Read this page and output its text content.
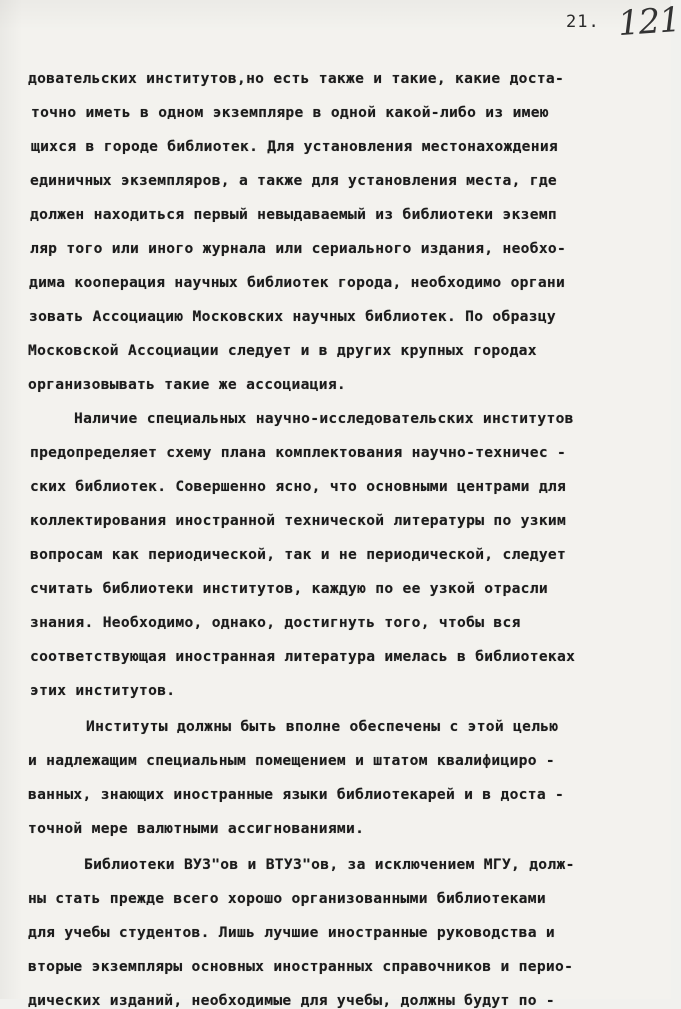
21. 121
довательских институтов,но есть также и такие, какие доста-
точно иметь в одном экземпляре в одной какой-либо из имею
щихся в городе библиотек. Для установления местонахождения
единичных экземпляров, а также для установления места, где
должен находиться первый невыдаваемый из библиотеки экземп
ляр того или иного журнала или сериального издания, необхо-
дима кооперация научных библиотек города, необходимо органи
зовать Ассоциацию Московских научных библиотек. По образцу
Московской Ассоциации следует и в других крупных городах
организовывать такие же ассоциация.
Наличие специальных научно-исследовательских институтов
предопределяет схему плана комплектования научно-техничес -
ских библиотек. Совершенно ясно, что основными центрами для
коллектирования иностранной технической литературы по узким
вопросам как периодической, так и не периодической, следует
считать библиотеки институтов, каждую по ее узкой отрасли
знания. Необходимо, однако, достигнуть того, чтобы вся
соответствующая иностранная литература имелась в библиотеках
этих институтов.
Институты должны быть вполне обеспечены с этой целью
и надлежащим специальным помещением и штатом квалифициро -
ванных, знающих иностранные языки библиотекарей и в доста -
точной мере валютными ассигнованиями.
Библиотеки ВУЗ"ов и ВТУЗ"ов, за исключением МГУ, долж-
ны стать прежде всего хорошо организованными библиотеками
для учебы студентов. Лишь лучшие иностранные руководства и
вторые экземпляры основных иностранных справочников и перио-
дических изданий, необходимые для учебы, должны будут по -
